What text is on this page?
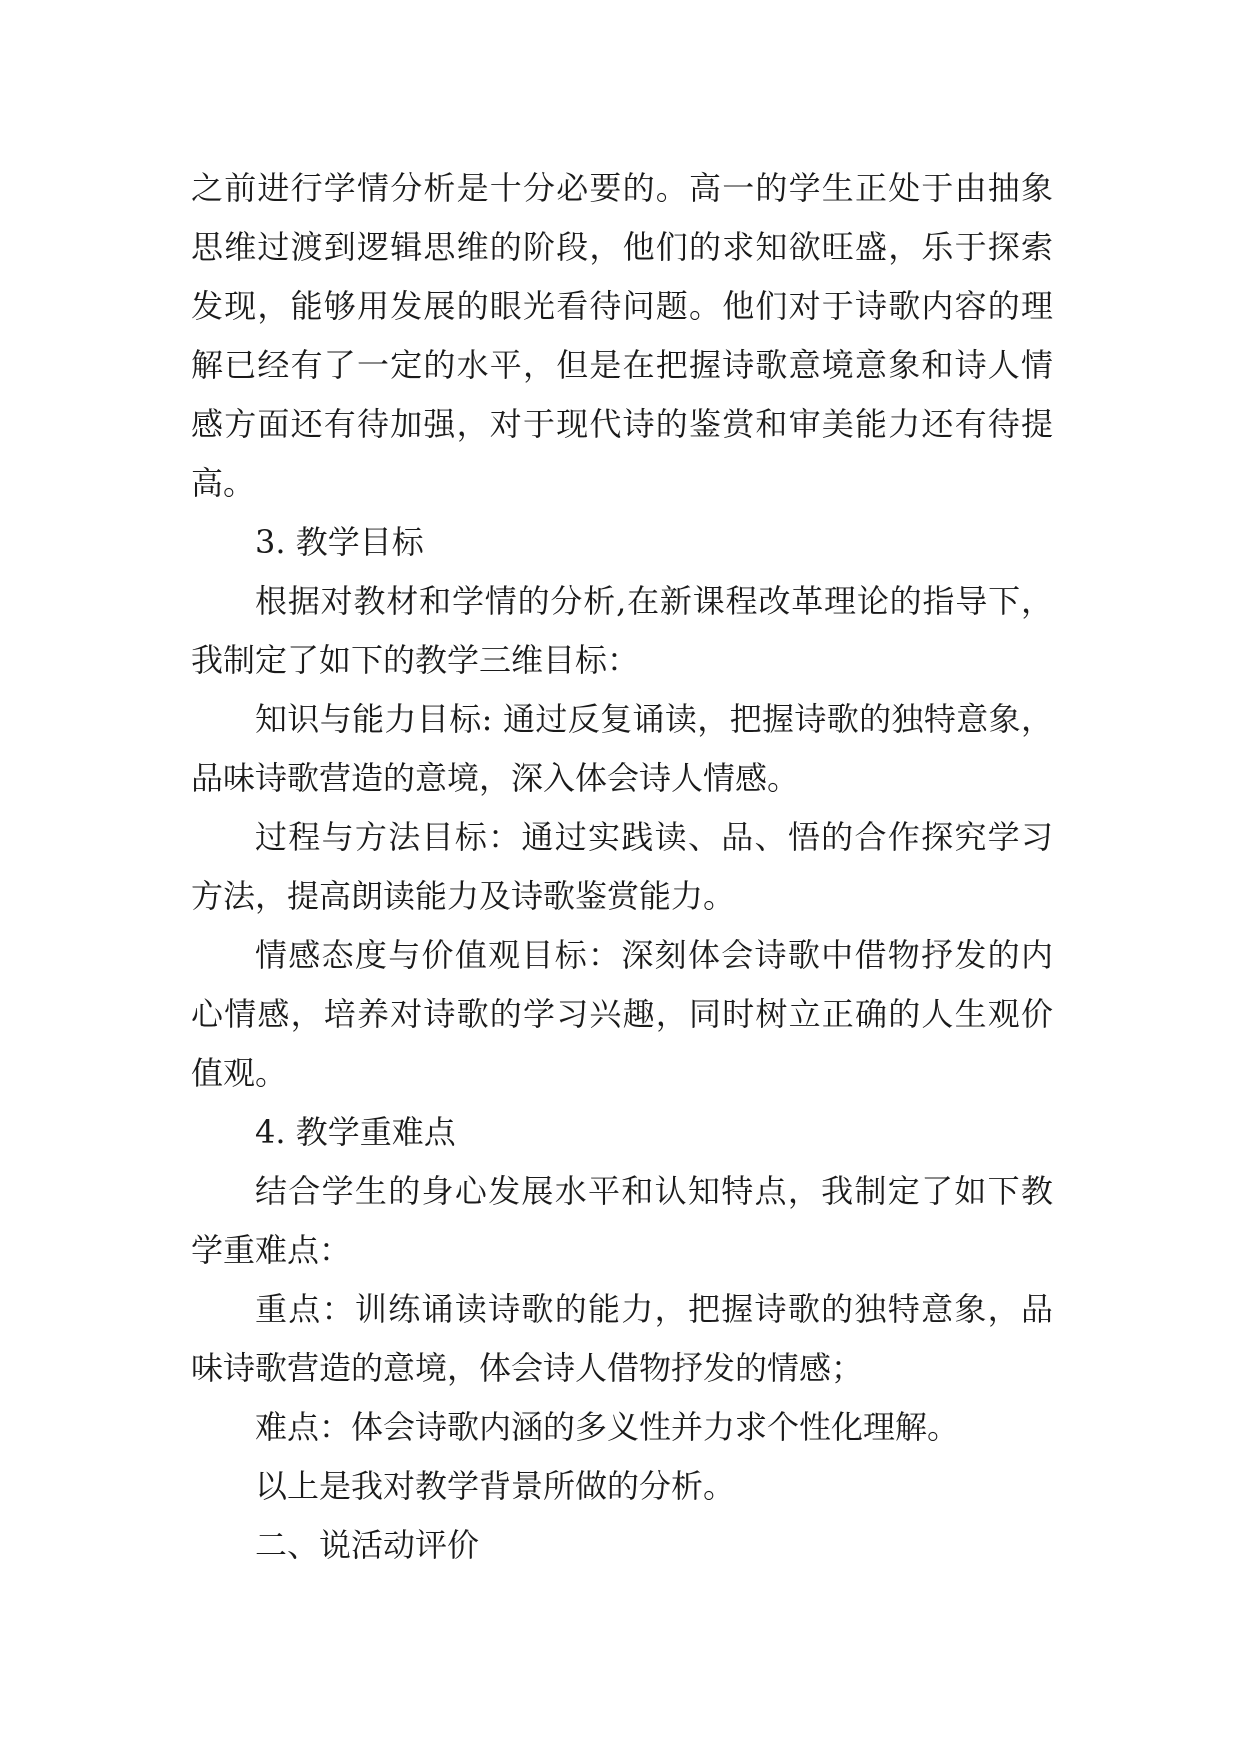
之前进行学情分析是十分必要的。高一的学生正处于由抽象
思维过渡到逻辑思维的阶段，他们的求知欲旺盛，乐于探索
发现，能够用发展的眼光看待问题。他们对于诗歌内容的理
解已经有了一定的水平，但是在把握诗歌意境意象和诗人情
感方面还有待加强，对于现代诗的鉴赏和审美能力还有待提
高。
3. 教学目标
根据对教材和学情的分析,在新课程改革理论的指导下，
我制定了如下的教学三维目标：
知识与能力目标: 通过反复诵读，把握诗歌的独特意象，
品味诗歌营造的意境，深入体会诗人情感。
过程与方法目标：通过实践读、品、悟的合作探究学习
方法，提高朗读能力及诗歌鉴赏能力。
情感态度与价值观目标：深刻体会诗歌中借物抒发的内
心情感，培养对诗歌的学习兴趣，同时树立正确的人生观价
值观。
4. 教学重难点
结合学生的身心发展水平和认知特点，我制定了如下教
学重难点：
重点：训练诵读诗歌的能力，把握诗歌的独特意象，品
味诗歌营造的意境，体会诗人借物抒发的情感；
难点：体会诗歌内涵的多义性并力求个性化理解。
以上是我对教学背景所做的分析。
二、说活动评价
